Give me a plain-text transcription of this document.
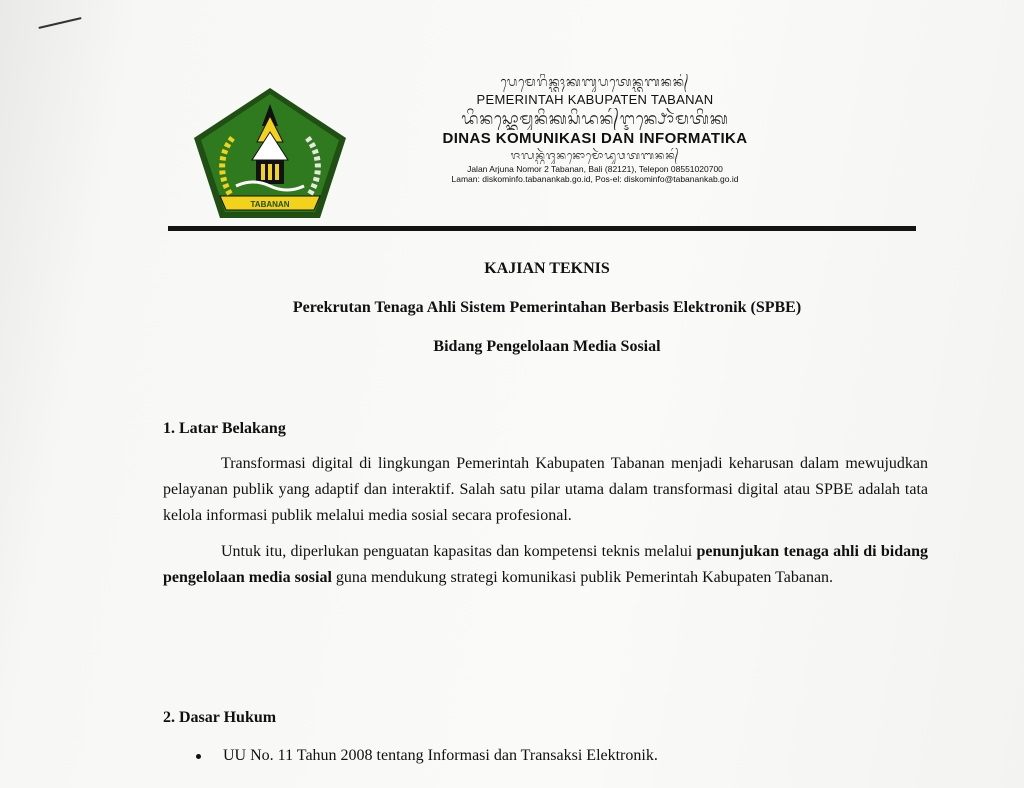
TABANAN
ᬧᬾᬫᬾᬭᬶᬦ᭄ᬢᬄᬓᬩᬸᬧᬢᬾᬦ᭄ᬢᬩᬦᬦ᭄
PEMERINTAH KABUPATEN TABANAN
ᬤᬶᬦᬲ᭄ᬓᭀᬫᬸᬦᬶᬓᬲᬶᬤᬦ᭄ᬇᬦ᭄ᬨᭀᬃᬫᬢᬶᬓ
DINAS KOMUNIKASI DAN INFORMATIKA
ᬚᬮᬦ᭄ᬳᬃᬚᬸᬦᬦᭀᬫᭀᬃᬤᬸᬯᬢᬩᬦᬦ᭄
Jalan Arjuna Nomor 2 Tabanan, Bali (82121), Telepon 08551020700
Laman: diskominfo.tabanankab.go.id, Pos-el: diskominfo@tabanankab.go.id
KAJIAN TEKNIS
Perekrutan Tenaga Ahli Sistem Pemerintahan Berbasis Elektronik (SPBE)
Bidang Pengelolaan Media Sosial
1. Latar Belakang

Transformasi digital di lingkungan Pemerintah Kabupaten Tabanan menjadi keharusan dalam mewujudkan pelayanan publik yang adaptif dan interaktif. Salah satu pilar utama dalam transformasi digital atau SPBE adalah tata kelola informasi publik melalui media sosial secara profesional.

Untuk itu, diperlukan penguatan kapasitas dan kompetensi teknis melalui penunjukan tenaga ahli di bidang pengelolaan media sosial guna mendukung strategi komunikasi publik Pemerintah Kabupaten Tabanan.

2. Dasar Hukum
UU No. 11 Tahun 2008 tentang Informasi dan Transaksi Elektronik.
